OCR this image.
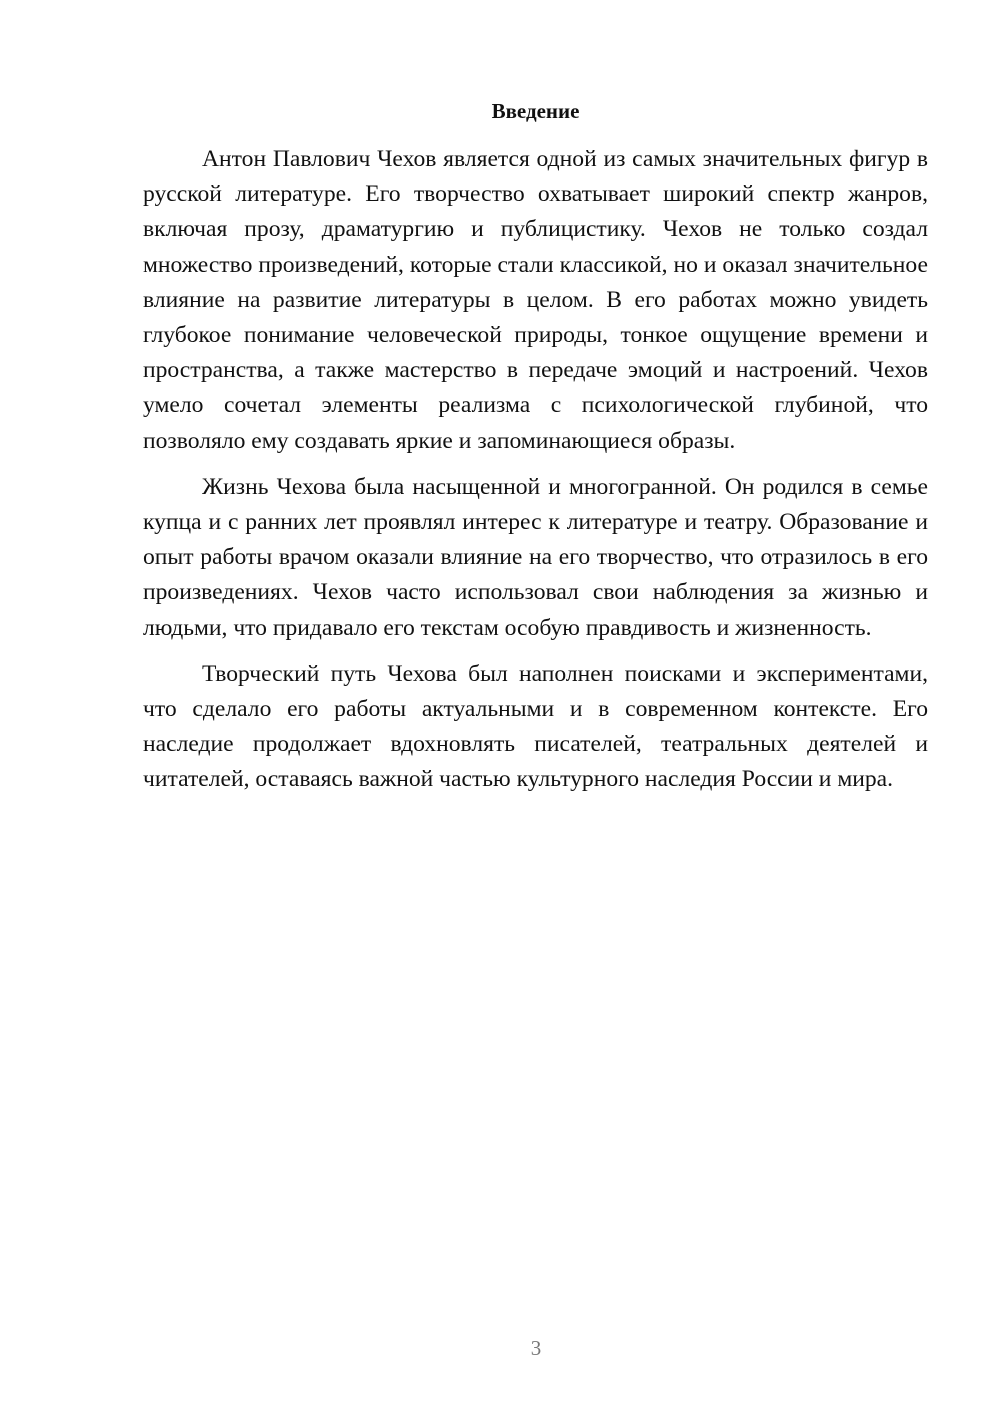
Введение

Антон Павлович Чехов является одной из самых значительных фигур в русской литературе. Его творчество охватывает широкий спектр жанров, включая прозу, драматургию и публицистику. Чехов не только создал множество произведений, которые стали классикой, но и оказал значительное влияние на развитие литературы в целом. В его работах можно увидеть глубокое понимание человеческой природы, тонкое ощущение времени и пространства, а также мастерство в передаче эмоций и настроений. Чехов умело сочетал элементы реализма с психологической глубиной, что позволяло ему создавать яркие и запоминающиеся образы.

Жизнь Чехова была насыщенной и многогранной. Он родился в семье купца и с ранних лет проявлял интерес к литературе и театру. Образование и опыт работы врачом оказали влияние на его творчество, что отразилось в его произведениях. Чехов часто использовал свои наблюдения за жизнью и людьми, что придавало его текстам особую правдивость и жизненность.

Творческий путь Чехова был наполнен поисками и экспериментами, что сделало его работы актуальными и в современном контексте. Его наследие продолжает вдохновлять писателей, театральных деятелей и читателей, оставаясь важной частью культурного наследия России и мира.

3
